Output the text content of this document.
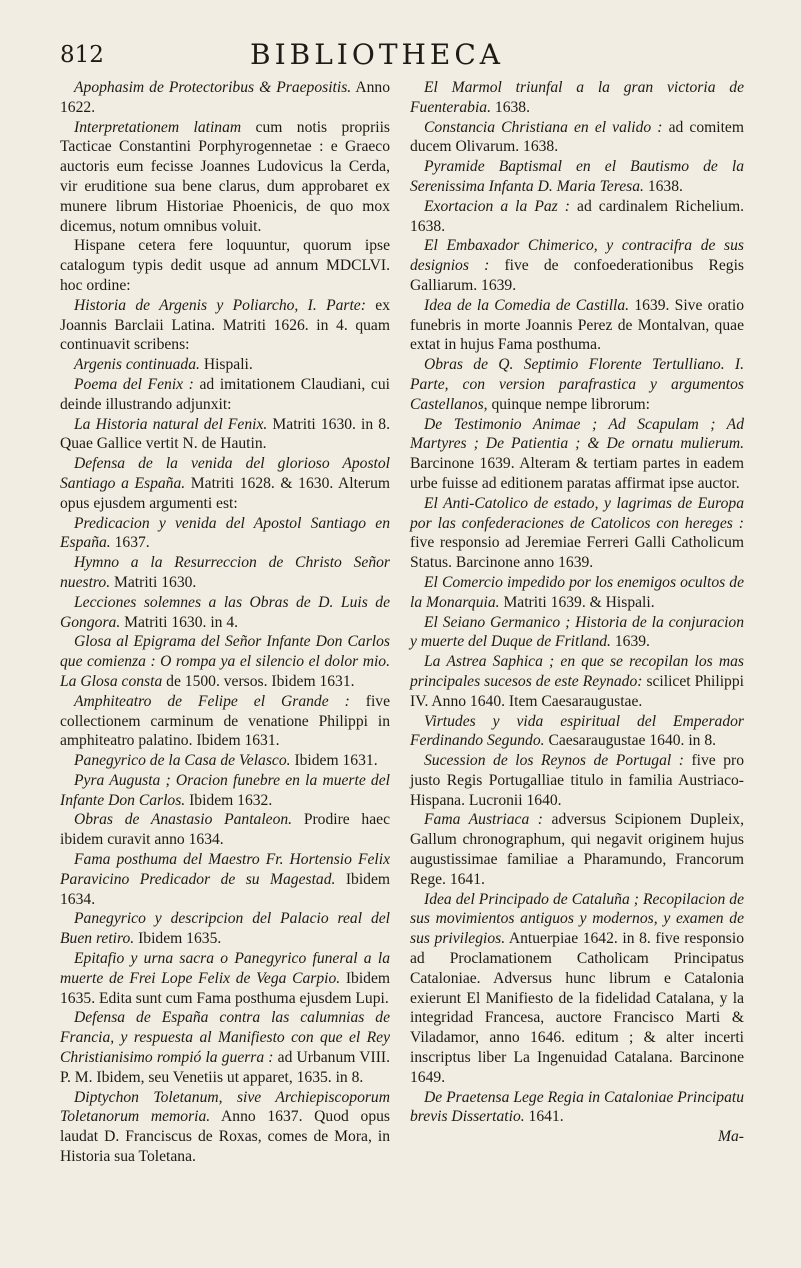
812	BIBLIOTHECA

Apophasim de Protectoribus & Praepositis. Anno 1622.

Interpretationem latinam cum notis propriis Tacticae Constantini Porphyrogennetae : e Graeco auctoris eum fecisse Joannes Ludovicus la Cerda, vir eruditione sua bene clarus, dum approbaret ex munere librum Historiae Phoenicis, de quo mox dicemus, notum omnibus voluit.

Hispane cetera fere loquuntur, quorum ipse catalogum typis dedit usque ad annum MDCLVI. hoc ordine:

Historia de Argenis y Poliarcho, I. Parte: ex Joannis Barclaii Latina. Matriti 1626. in 4. quam continuavit scribens:

Argenis continuada. Hispali.

Poema del Fenix : ad imitationem Claudiani, cui deinde illustrando adjunxit:

La Historia natural del Fenix. Matriti 1630. in 8. Quae Gallice vertit N. de Hautin.

Defensa de la venida del glorioso Apostol Santiago a España. Matriti 1628. & 1630. Alterum opus ejusdem argumenti est:

Predicacion y venida del Apostol Santiago en España. 1637.

Hymno a la Resurreccion de Christo Señor nuestro. Matriti 1630.

Lecciones solemnes a las Obras de D. Luis de Gongora. Matriti 1630. in 4.

Glosa al Epigrama del Señor Infante Don Carlos que comienza : O rompa ya el silencio el dolor mio. La Glosa consta de 1500. versos. Ibidem 1631.

Amphiteatro de Felipe el Grande : five collectionem carminum de venatione Philippi in amphiteatro palatino. Ibidem 1631.

Panegyrico de la Casa de Velasco. Ibidem 1631.

Pyra Augusta ; Oracion funebre en la muerte del Infante Don Carlos. Ibidem 1632.

Obras de Anastasio Pantaleon. Prodire haec ibidem curavit anno 1634.

Fama posthuma del Maestro Fr. Hortensio Felix Paravicino Predicador de su Magestad. Ibidem 1634.

Panegyrico y descripcion del Palacio real del Buen retiro. Ibidem 1635.

Epitafio y urna sacra o Panegyrico funeral a la muerte de Frei Lope Felix de Vega Carpio. Ibidem 1635. Edita sunt cum Fama posthuma ejusdem Lupi.

Defensa de España contra las calumnias de Francia, y respuesta al Manifiesto con que el Rey Christianisimo rompió la guerra : ad Urbanum VIII. P. M. Ibidem, seu Venetiis ut apparet, 1635. in 8.

Diptychon Toletanum, sive Archiepiscoporum Toletanorum memoria. Anno 1637. Quod opus laudat D. Franciscus de Roxas, comes de Mora, in Historia sua Toletana.

El Marmol triunfal a la gran victoria de Fuenterabia. 1638.

Constancia Christiana en el valido : ad comitem ducem Olivarum. 1638.

Pyramide Baptismal en el Bautismo de la Serenissima Infanta D. Maria Teresa. 1638.

Exortacion a la Paz : ad cardinalem Richelium. 1638.

El Embaxador Chimerico, y contracifra de sus designios : five de confoederationibus Regis Galliarum. 1639.

Idea de la Comedia de Castilla. 1639. Sive oratio funebris in morte Joannis Perez de Montalvan, quae extat in hujus Fama posthuma.

Obras de Q. Septimio Florente Tertulliano. I. Parte, con version parafrastica y argumentos Castellanos, quinque nempe librorum:

De Testimonio Animae ; Ad Scapulam ; Ad Martyres ; De Patientia ; & De ornatu mulierum. Barcinone 1639. Alteram & tertiam partes in eadem urbe fuisse ad editionem paratas affirmat ipse auctor.

El Anti-Catolico de estado, y lagrimas de Europa por las confederaciones de Catolicos con hereges : five responsio ad Jeremiae Ferreri Galli Catholicum Status. Barcinone anno 1639.

El Comercio impedido por los enemigos ocultos de la Monarquia. Matriti 1639. & Hispali.

El Seiano Germanico ; Historia de la conjuracion y muerte del Duque de Fritland. 1639.

La Astrea Saphica ; en que se recopilan los mas principales sucesos de este Reynado: scilicet Philippi IV. Anno 1640. Item Caesaraugustae.

Virtudes y vida espiritual del Emperador Ferdinando Segundo. Caesaraugustae 1640. in 8.

Sucession de los Reynos de Portugal : five pro justo Regis Portugalliae titulo in familia Austriaco-Hispana. Lucronii 1640.

Fama Austriaca : adversus Scipionem Dupleix, Gallum chronographum, qui negavit originem hujus augustissimae familiae a Pharamundo, Francorum Rege. 1641.

Idea del Principado de Cataluña ; Recopilacion de sus movimientos antiguos y modernos, y examen de sus privilegios. Antuerpiae 1642. in 8. five responsio ad Proclamationem Catholicam Principatus Cataloniae. Adversus hunc librum e Catalonia exierunt El Manifiesto de la fidelidad Catalana, y la integridad Francesa, auctore Francisco Marti & Viladamor, anno 1646. editum ; & alter incerti inscriptus liber La Ingenuidad Catalana. Barcinone 1649.

De Praetensa Lege Regia in Cataloniae Principatu brevis Dissertatio. 1641.

Ma-
